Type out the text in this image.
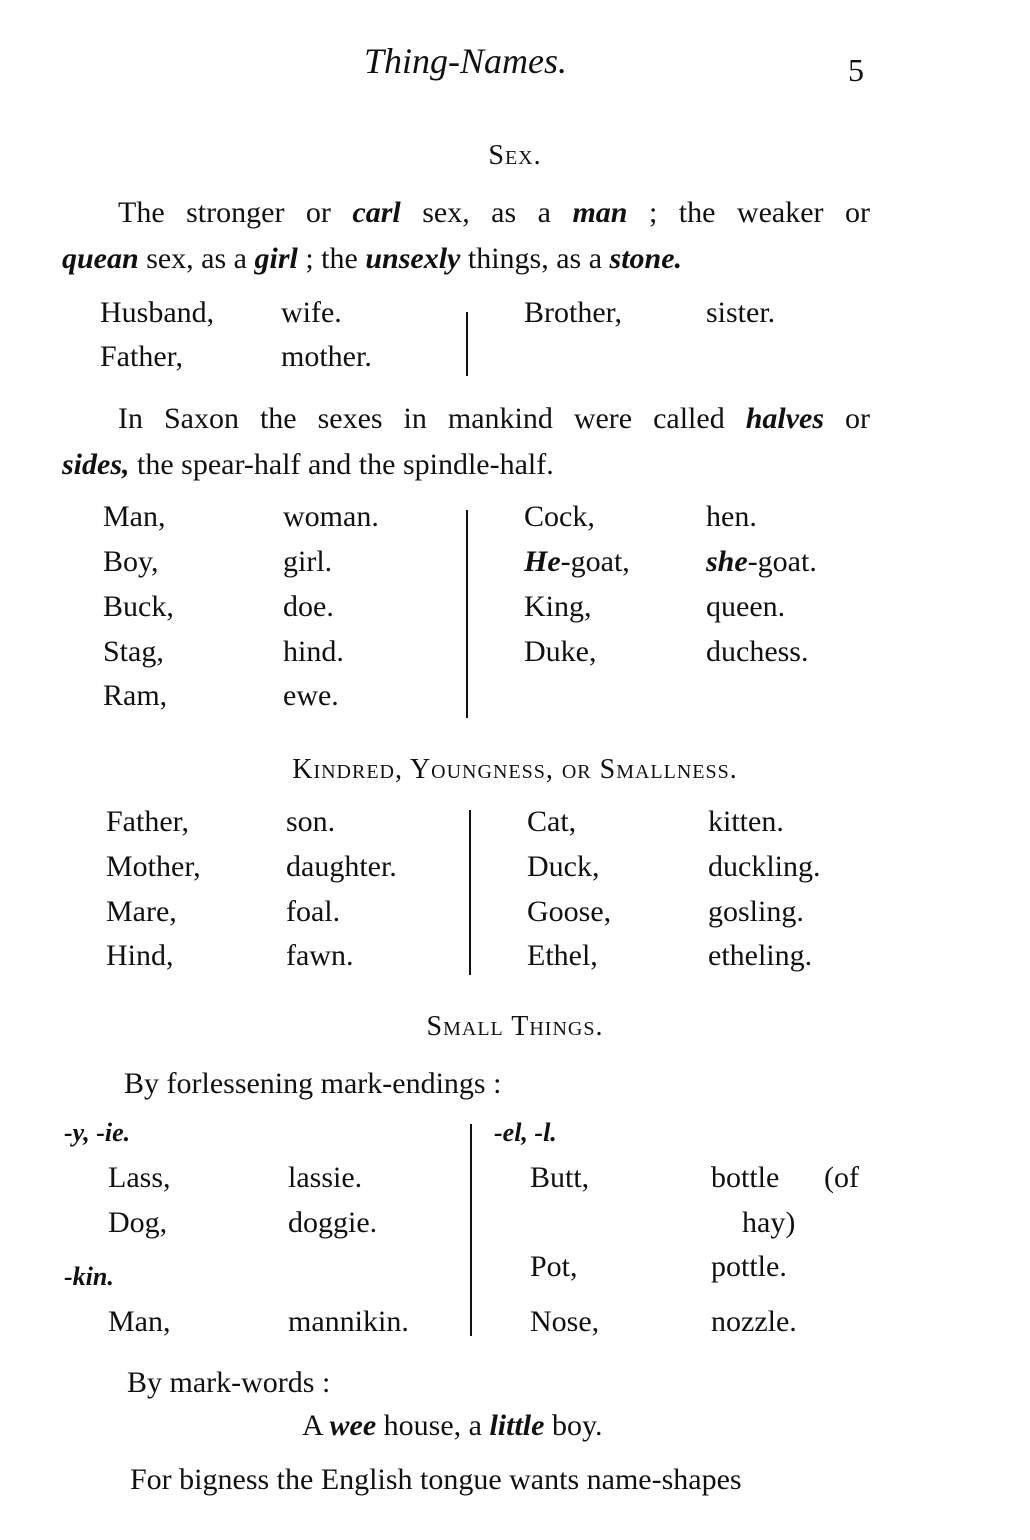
Thing-Names.	5
Sex.
The stronger or carl sex, as a man ; the weaker or
quean sex, as a girl ; the unsexly things, as a stone.
Husband, wife.
Father,	mother.
Brother,	sister.
In Saxon the sexes in mankind were called halves or
sides, the spear-half and the spindle-half.
Man,	woman.
Boy,	girl.
Buck,	doe.
Stag,	hind.
Ram,	ewe.
Cock,	hen.
He-goat,	she-goat.
King,	queen.
Duke,	duchess.
Kindred, Youngness, or Smallness.
Father,	son.
Mother,	daughter.
Mare,	foal.
Hind,	fawn.
Cat,	kitten.
Duck,	duckling.
Goose,	gosling.
Ethel,	etheling.
Small Things.
By forlessening mark-endings :
-y, -ie.
Lass,	lassie.
Dog,	doggie.
-kin.
Man,	mannikin.
-el, -l.
Butt,	bottle (of
hay)
Pot,	pottle.
Nose,	nozzle.
By mark-words :
A wee house, a little boy.
For bigness the English tongue wants name-shapes
